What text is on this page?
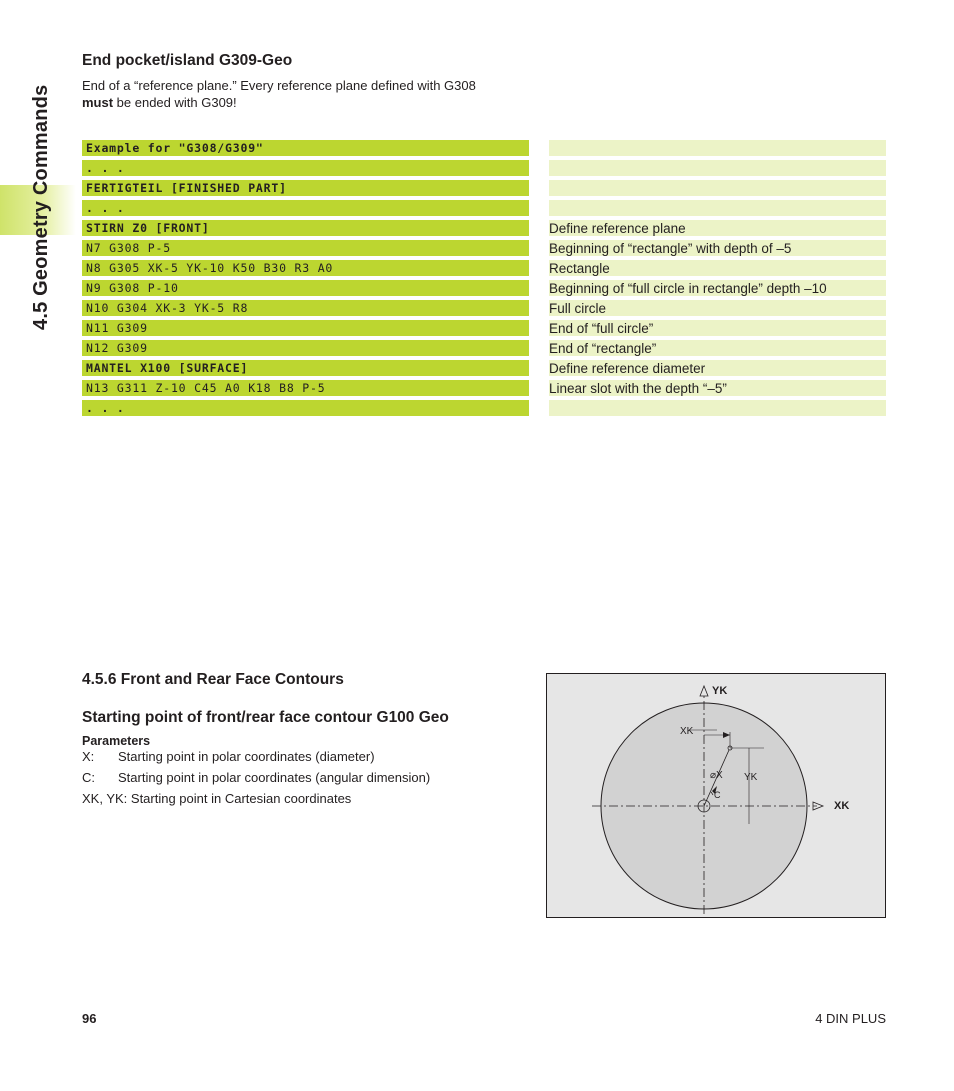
4.5 Geometry Commands
End pocket/island G309-Geo
End of a “reference plane.” Every reference plane defined with G308
must be ended with G309!
Example for "G308/G309"		
. . .		
FERTIGTEIL [FINISHED PART]		
. . .		
STIRN Z0 [FRONT]		Define reference plane
N7 G308 P-5		Beginning of “rectangle” with depth of –5
N8 G305 XK-5 YK-10 K50 B30 R3 A0		Rectangle
N9 G308 P-10		Beginning of “full circle in rectangle” depth –10
N10 G304 XK-3 YK-5 R8		Full circle
N11 G309		End of “full circle”
N12 G309		End of “rectangle”
MANTEL X100 [SURFACE]		Define reference diameter
N13 G311 Z-10 C45 A0 K18 B8 P-5		Linear slot with the depth “–5”
. . .		
4.5.6 Front and Rear Face Contours
Starting point of front/rear face contour G100 Geo
Parameters
X: Starting point in polar coordinates (diameter)
C: Starting point in polar coordinates (angular dimension)
XK, YK: Starting point in Cartesian coordinates
YK
XK
XK
YK
⌀X
C
96	4 DIN PLUS
